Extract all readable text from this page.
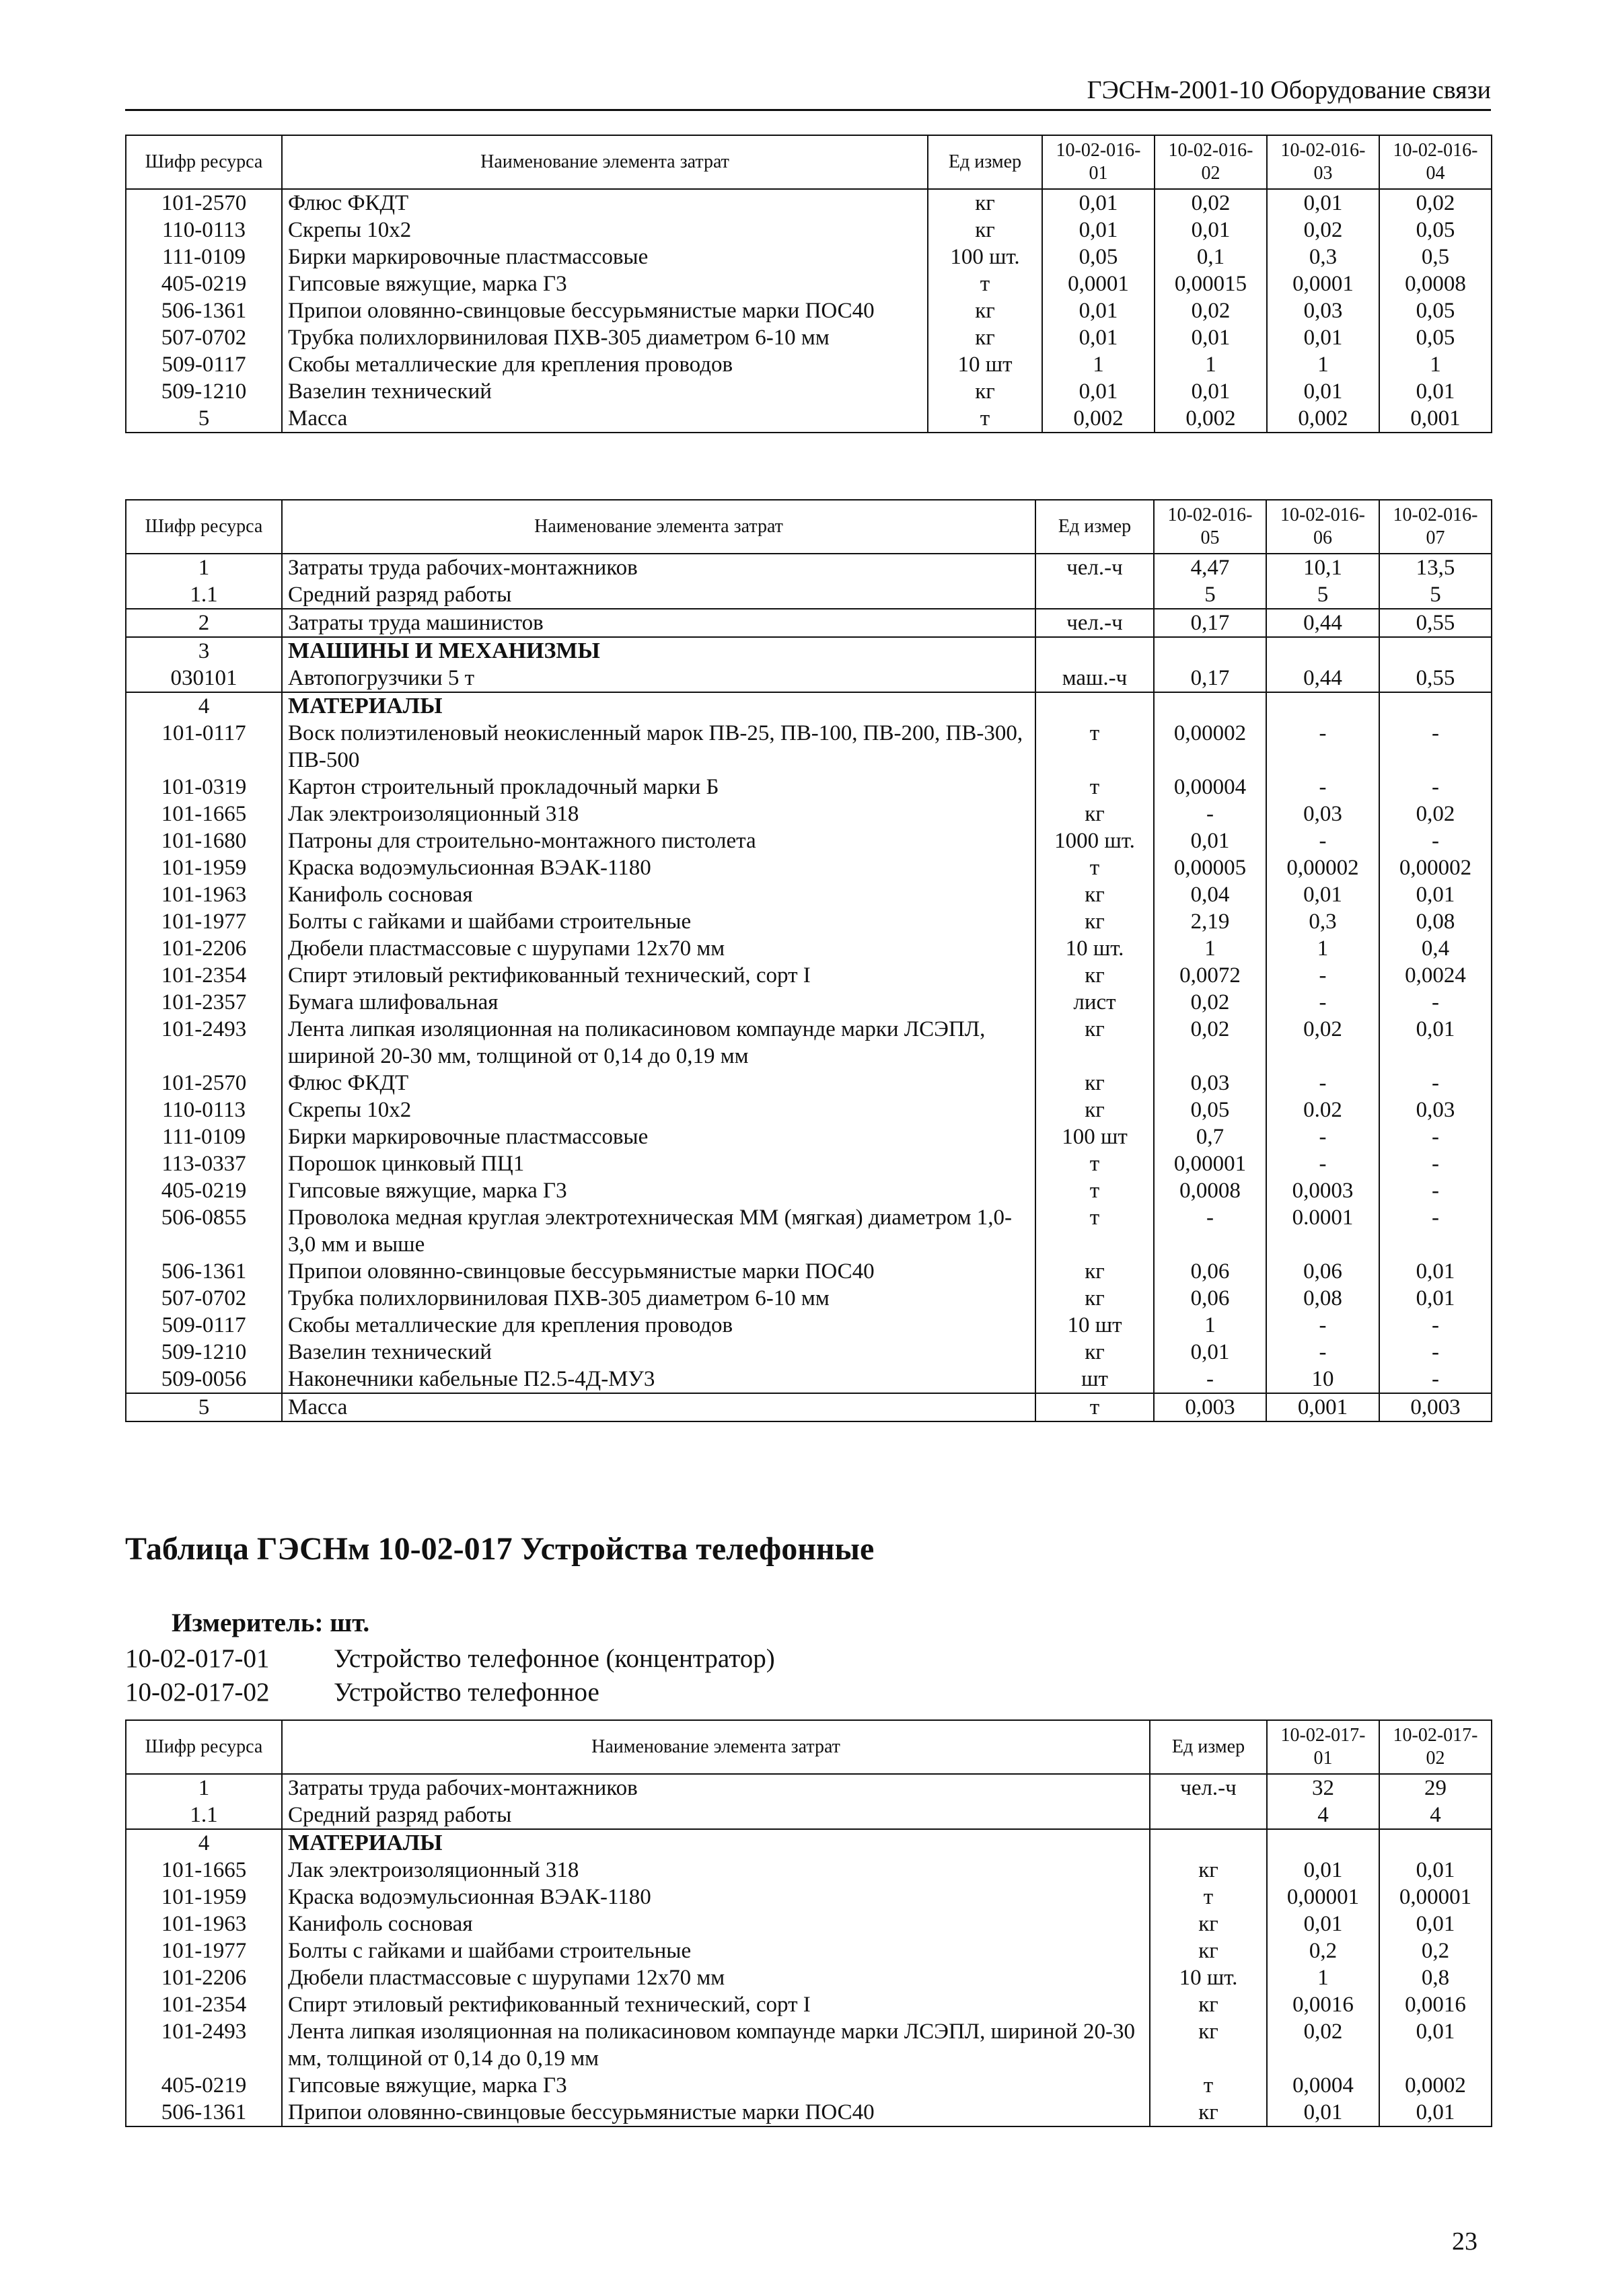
ГЭСНм-2001-10 Оборудование связи
Шифр ресурса	Наименование элемента затрат	Ед измер	10-02-016-01	10-02-016-02	10-02-016-03	10-02-016-04
101-2570	Флюс ФКДТ	кг	0,01	0,02	0,01	0,02
110-0113	Скрепы 10х2	кг	0,01	0,01	0,02	0,05
111-0109	Бирки маркировочные пластмассовые	100 шт.	0,05	0,1	0,3	0,5
405-0219	Гипсовые вяжущие, марка Г3	т	0,0001	0,00015	0,0001	0,0008
506-1361	Припои оловянно-свинцовые бессурьмянистые марки ПОС40	кг	0,01	0,02	0,03	0,05
507-0702	Трубка полихлорвиниловая ПХВ-305 диаметром 6-10 мм	кг	0,01	0,01	0,01	0,05
509-0117	Скобы металлические для крепления проводов	10 шт	1	1	1	1
509-1210	Вазелин технический	кг	0,01	0,01	0,01	0,01
5	Масса	т	0,002	0,002	0,002	0,001
Шифр ресурса	Наименование элемента затрат	Ед измер	10-02-016-05	10-02-016-06	10-02-016-07
1	Затраты труда рабочих-монтажников	чел.-ч	4,47	10,1	13,5
1.1	Средний разряд работы		5	5	5
2	Затраты труда машинистов	чел.-ч	0,17	0,44	0,55
3	МАШИНЫ И МЕХАНИЗМЫ				
030101	Автопогрузчики 5 т	маш.-ч	0,17	0,44	0,55
4	МАТЕРИАЛЫ				
101-0117	Воск полиэтиленовый неокисленный марок ПВ-25, ПВ-100, ПВ-200, ПВ-300, ПВ-500	т	0,00002	-	-
101-0319	Картон строительный прокладочный марки Б	т	0,00004	-	-
101-1665	Лак электроизоляционный 318	кг	-	0,03	0,02
101-1680	Патроны для строительно-монтажного пистолета	1000 шт.	0,01	-	-
101-1959	Краска водоэмульсионная ВЭАК-1180	т	0,00005	0,00002	0,00002
101-1963	Канифоль сосновая	кг	0,04	0,01	0,01
101-1977	Болты с гайками и шайбами строительные	кг	2,19	0,3	0,08
101-2206	Дюбели пластмассовые с шурупами 12х70 мм	10 шт.	1	1	0,4
101-2354	Спирт этиловый ректификованный технический, сорт I	кг	0,0072	-	0,0024
101-2357	Бумага шлифовальная	лист	0,02	-	-
101-2493	Лента липкая изоляционная на поликасиновом компаунде марки ЛСЭПЛ, шириной 20-30 мм, толщиной от 0,14 до 0,19 мм	кг	0,02	0,02	0,01
101-2570	Флюс ФКДТ	кг	0,03	-	-
110-0113	Скрепы 10х2	кг	0,05	0.02	0,03
111-0109	Бирки маркировочные пластмассовые	100 шт	0,7	-	-
113-0337	Порошок цинковый ПЦ1	т	0,00001	-	-
405-0219	Гипсовые вяжущие, марка Г3	т	0,0008	0,0003	-
506-0855	Проволока медная круглая электротехническая ММ (мягкая) диаметром 1,0-3,0 мм и выше	т	-	0.0001	-
506-1361	Припои оловянно-свинцовые бессурьмянистые марки ПОС40	кг	0,06	0,06	0,01
507-0702	Трубка полихлорвиниловая ПХВ-305 диаметром 6-10 мм	кг	0,06	0,08	0,01
509-0117	Скобы металлические для крепления проводов	10 шт	1	-	-
509-1210	Вазелин технический	кг	0,01	-	-
509-0056	Наконечники кабельные П2.5-4Д-МУ3	шт	-	10	-
5	Масса	т	0,003	0,001	0,003
Таблица ГЭСНм 10-02-017 Устройства телефонные
Измеритель: шт.
10-02-017-01 Устройство телефонное (концентратор)
10-02-017-02 Устройство телефонное
Шифр ресурса	Наименование элемента затрат	Ед измер	10-02-017-01	10-02-017-02
1	Затраты труда рабочих-монтажников	чел.-ч	32	29
1.1	Средний разряд работы		4	4
4	МАТЕРИАЛЫ			
101-1665	Лак электроизоляционный 318	кг	0,01	0,01
101-1959	Краска водоэмульсионная ВЭАК-1180	т	0,00001	0,00001
101-1963	Канифоль сосновая	кг	0,01	0,01
101-1977	Болты с гайками и шайбами строительные	кг	0,2	0,2
101-2206	Дюбели пластмассовые с шурупами 12х70 мм	10 шт.	1	0,8
101-2354	Спирт этиловый ректификованный технический, сорт I	кг	0,0016	0,0016
101-2493	Лента липкая изоляционная на поликасиновом компаунде марки ЛСЭПЛ, шириной 20-30 мм, толщиной от 0,14 до 0,19 мм	кг	0,02	0,01
405-0219	Гипсовые вяжущие, марка Г3	т	0,0004	0,0002
506-1361	Припои оловянно-свинцовые бессурьмянистые марки ПОС40	кг	0,01	0,01
23
